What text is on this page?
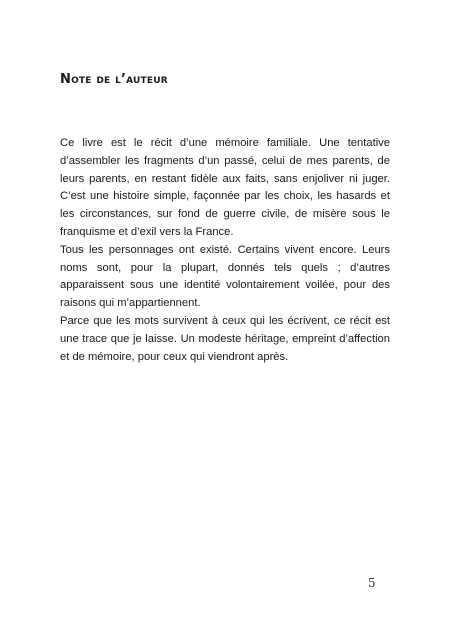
Note de l’auteur

Ce livre est le récit d’une mémoire familiale. Une tentative d’assembler les fragments d’un passé, celui de mes parents, de leurs parents, en restant fidèle aux faits, sans enjoliver ni juger. C’est une histoire simple, façonnée par les choix, les hasards et les circonstances, sur fond de guerre civile, de misère sous le franquisme et d’exil vers la France.

Tous les personnages ont existé. Certains vivent encore. Leurs noms sont, pour la plupart, donnés tels quels ; d’autres apparaissent sous une identité volontairement voilée, pour des raisons qui m’appartiennent.

Parce que les mots survivent à ceux qui les écrivent, ce récit est une trace que je laisse. Un modeste héritage, empreint d’affection et de mémoire, pour ceux qui viendront après.

5
